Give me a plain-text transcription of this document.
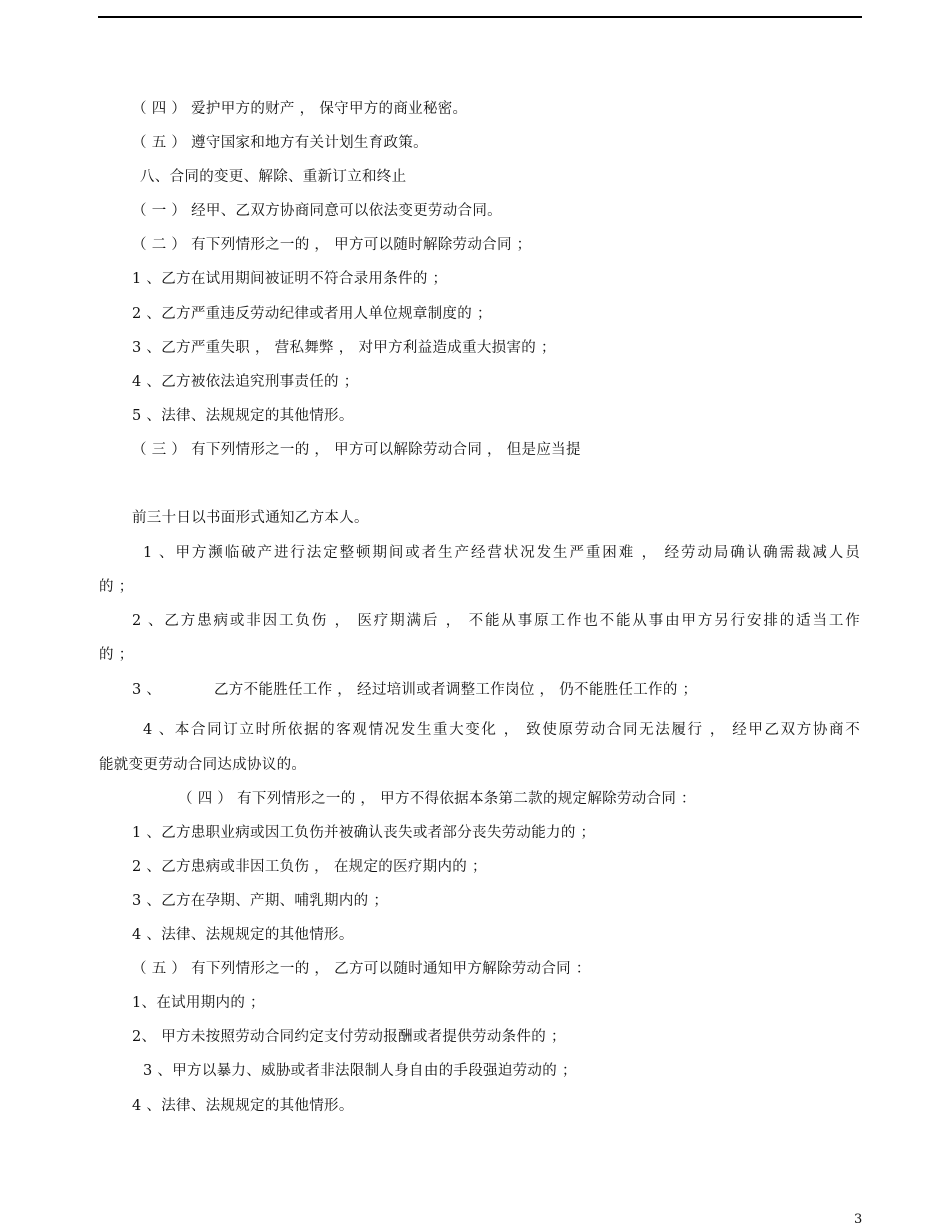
（ 四 ） 爱护甲方的财产 ， 保守甲方的商业秘密。
（ 五 ） 遵守国家和地方有关计划生育政策。
八、合同的变更、解除、重新订立和终止
（ 一 ） 经甲、乙双方协商同意可以依法变更劳动合同。
（ 二 ） 有下列情形之一的 ， 甲方可以随时解除劳动合同 ；
1 、乙方在试用期间被证明不符合录用条件的 ；
2 、乙方严重违反劳动纪律或者用人单位规章制度的 ；
3 、乙方严重失职 ， 营私舞弊 ， 对甲方利益造成重大损害的 ；
4 、乙方被依法追究刑事责任的 ；
5 、法律、法规规定的其他情形。
（ 三 ） 有下列情形之一的 ， 甲方可以解除劳动合同 ， 但是应当提
前三十日以书面形式通知乙方本人。
1 、甲方濒临破产进行法定整顿期间或者生产经营状况发生严重困难 ， 经劳动局确认确需裁减人员
的 ；
2 、乙方患病或非因工负伤 ， 医疗期满后 ， 不能从事原工作也不能从事由甲方另行安排的适当工作
的 ；
3 、	乙方不能胜任工作 ， 经过培训或者调整工作岗位 ， 仍不能胜任工作的 ；
4 、本合同订立时所依据的客观情况发生重大变化 ， 致使原劳动合同无法履行 ， 经甲乙双方协商不
能就变更劳动合同达成协议的。
（ 四 ） 有下列情形之一的 ， 甲方不得依据本条第二款的规定解除劳动合同 ：
1 、乙方患职业病或因工负伤并被确认丧失或者部分丧失劳动能力的 ；
2 、乙方患病或非因工负伤 ， 在规定的医疗期内的 ；
3 、乙方在孕期、产期、哺乳期内的 ；
4 、法律、法规规定的其他情形。
（ 五 ） 有下列情形之一的 ， 乙方可以随时通知甲方解除劳动合同 ：
1、在试用期内的 ；
2、 甲方未按照劳动合同约定支付劳动报酬或者提供劳动条件的 ；
3 、甲方以暴力、威胁或者非法限制人身自由的手段强迫劳动的 ；
4 、法律、法规规定的其他情形。
3
